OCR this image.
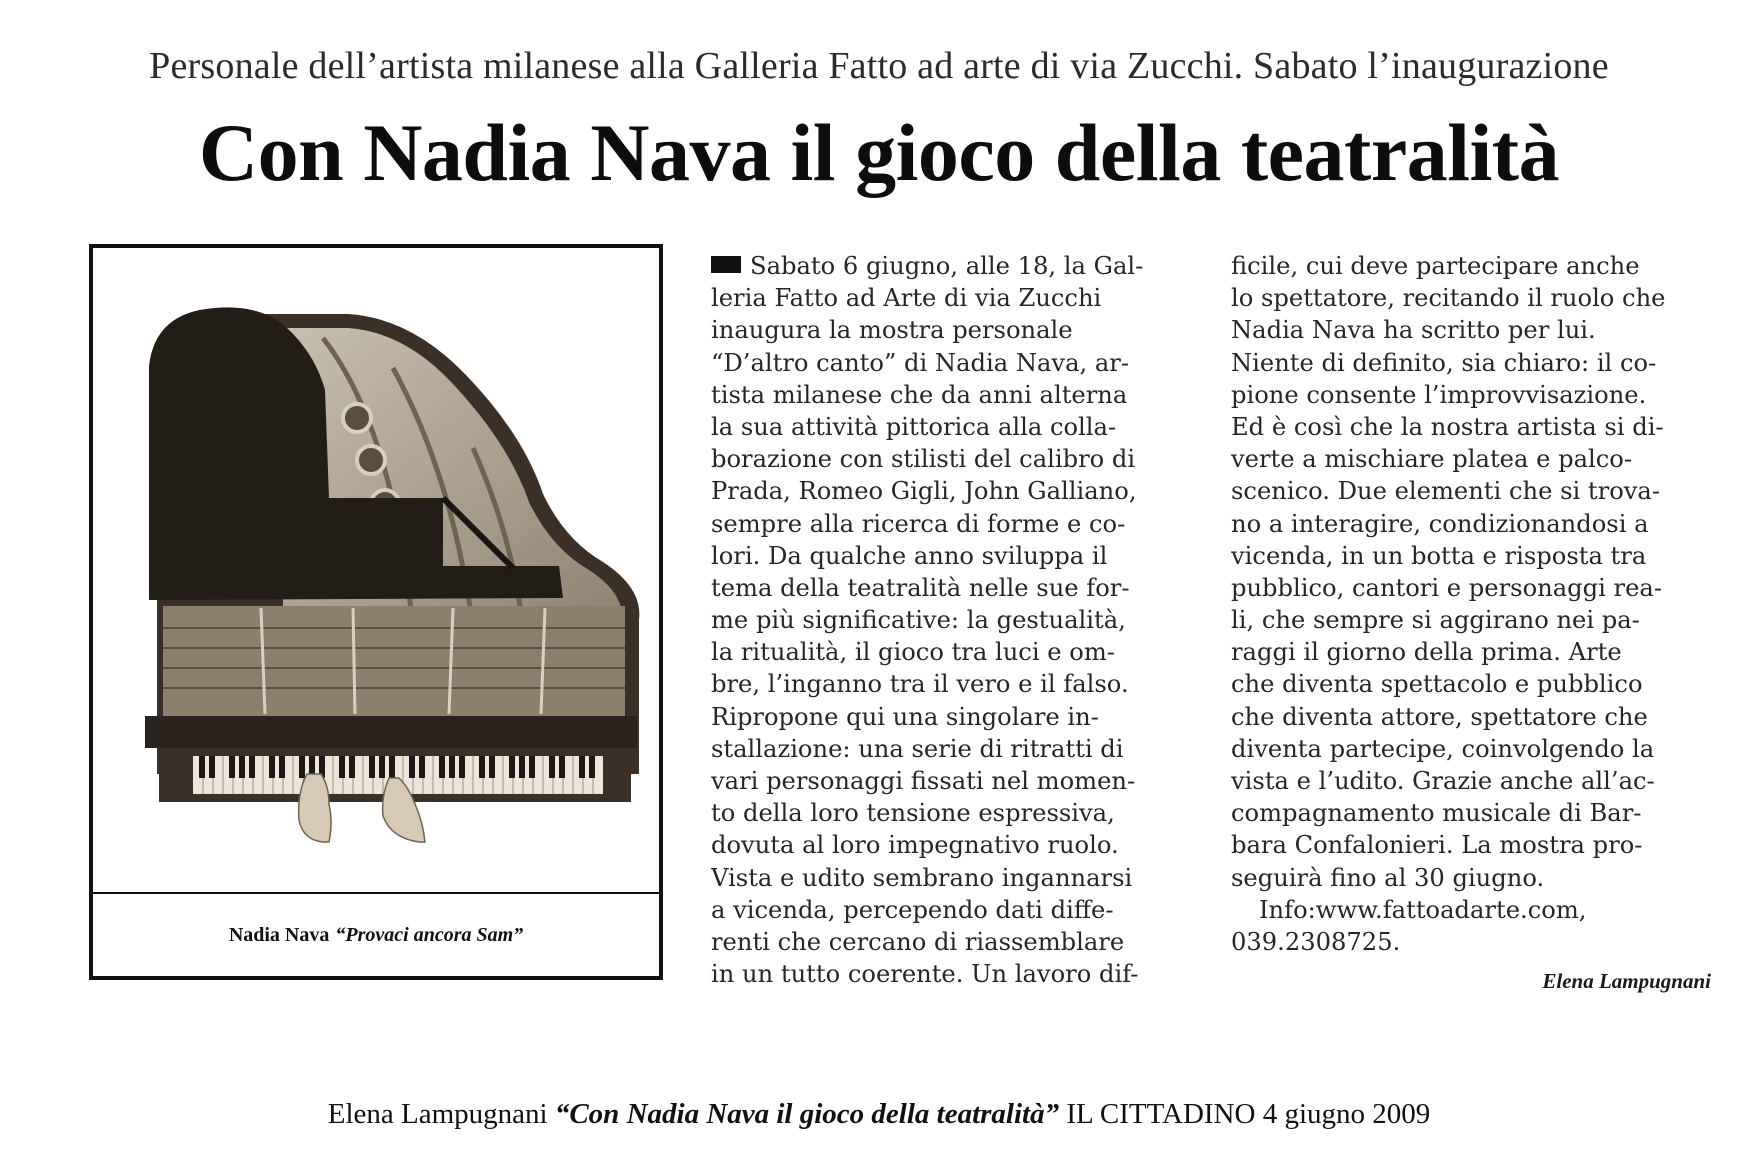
Personale dell’artista milanese alla Galleria Fatto ad arte di via Zucchi. Sabato l’inaugurazione
Con Nadia Nava il gioco della teatralità
Nadia Nava “Provaci ancora Sam”
Sabato 6 giugno, alle 18, la Gal-
leria Fatto ad Arte di via Zucchi
inaugura la mostra personale
“D’altro canto” di Nadia Nava, ar-
tista milanese che da anni alterna
la sua attività pittorica alla colla-
borazione con stilisti del calibro di
Prada, Romeo Gigli, John Galliano,
sempre alla ricerca di forme e co-
lori. Da qualche anno sviluppa il
tema della teatralità nelle sue for-
me più significative: la gestualità,
la ritualità, il gioco tra luci e om-
bre, l’inganno tra il vero e il falso.
Ripropone qui una singolare in-
stallazione: una serie di ritratti di
vari personaggi fissati nel momen-
to della loro tensione espressiva,
dovuta al loro impegnativo ruolo.
Vista e udito sembrano ingannarsi
a vicenda, percependo dati diffe-
renti che cercano di riassemblare
in un tutto coerente. Un lavoro dif-
ficile, cui deve partecipare anche
lo spettatore, recitando il ruolo che
Nadia Nava ha scritto per lui.
Niente di definito, sia chiaro: il co-
pione consente l’improvvisazione.
Ed è così che la nostra artista si di-
verte a mischiare platea e palco-
scenico. Due elementi che si trova-
no a interagire, condizionandosi a
vicenda, in un botta e risposta tra
pubblico, cantori e personaggi rea-
li, che sempre si aggirano nei pa-
raggi il giorno della prima. Arte
che diventa spettacolo e pubblico
che diventa attore, spettatore che
diventa partecipe, coinvolgendo la
vista e l’udito. Grazie anche all’ac-
compagnamento musicale di Bar-
bara Confalonieri. La mostra pro-
seguirà fino al 30 giugno.
Info:www.fattoadarte.com,
039.2308725.
Elena Lampugnani
Elena Lampugnani “Con Nadia Nava il gioco della teatralità” IL CITTADINO 4 giugno 2009
